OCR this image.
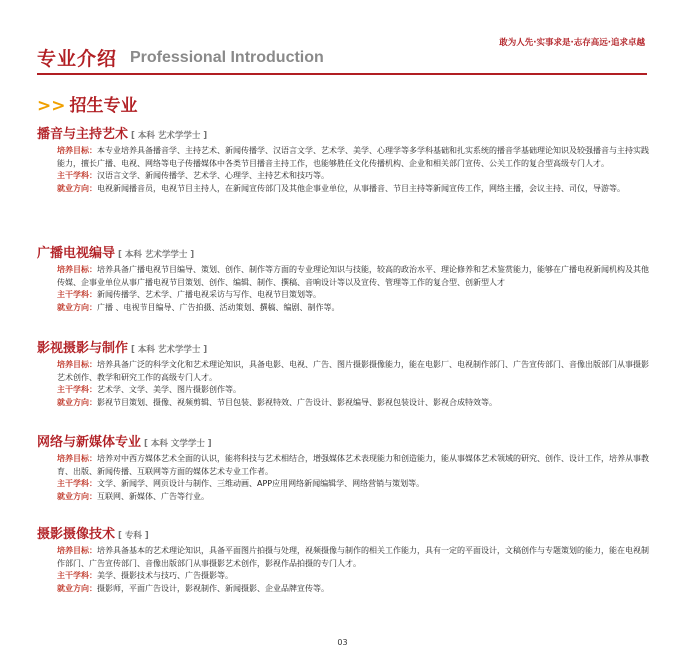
专业介绍 Professional Introduction
敢为人先·实事求是·志存高远·追求卓越
>> 招生专业
播音与主持艺术 [ 本科 艺术学学士 ]
培养目标：本专业培养具备播音学、主持艺术、新闻传播学、汉语言文学、艺术学、美学、心理学等多学科基础和扎实系统的播音学基础理论知识及较强播音与主持实践能力，擅长广播、电视、网络等电子传播媒体中各类节目播音主持工作，也能够胜任文化传播机构、企业和相关部门宣传、公关工作的复合型高级专门人才。
主干学科：汉语言文学、新闻传播学、艺术学、心理学、主持艺术和技巧等。
就业方向：电视新闻播音员，电视节目主持人，在新闻宣传部门及其他企事业单位，从事播音、节目主持等新闻宣传工作，网络主播，会议主持、司仪，导游等。
广播电视编导 [ 本科 艺术学学士 ]
培养目标：培养具备广播电视节目编导、策划、创作、制作等方面的专业理论知识与技能，较高的政治水平、理论修养和艺术鉴赏能力，能够在广播电视新闻机构及其他传媒、企事业单位从事广播电视节目策划、创作、编辑、制作、撰稿、音响设计等以及宣传、管理等工作的复合型、创新型人才
主干学科：新闻传播学、艺术学、广播电视采访与写作、电视节目策划等。
就业方向：广播 、电视节目编导、广告拍摄、活动策划、撰稿、编剧、制作等。
影视摄影与制作 [ 本科 艺术学学士 ]
培养目标：培养具备广泛的科学文化和艺术理论知识，具备电影、电视、广告、图片摄影摄像能力，能在电影厂、电视制作部门、广告宣传部门、音像出版部门从事摄影艺术创作、教学和研究工作的高级专门人才。
主干学科：艺术学、文学、美学、图片摄影创作等。
就业方向：影视节目策划、摄像、视频剪辑、节目包装、影视特效、广告设计、影视编导、影视包装设计、影视合成特效等。
网络与新媒体专业 [ 本科 文学学士 ]
培养目标：培养对中西方媒体艺术全面的认识，能将科技与艺术相结合，增强媒体艺术表现能力和创造能力，能从事媒体艺术领域的研究、创作、设计工作，培养从事教育、出版、新闻传播、互联网等方面的媒体艺术专业工作者。
主干学科：文学、新闻学、网页设计与制作、三维动画、APP应用网络新闻编辑学、网络营销与策划等。
就业方向：互联网、新媒体、广告等行业。
摄影摄像技术 [ 专科 ]
培养目标：培养具备基本的艺术理论知识，具备平面图片拍摄与处理，视频摄像与制作的相关工作能力，具有一定的平面设计，文稿创作与专题策划的能力，能在电视制作部门、广告宣传部门、音像出版部门从事摄影艺术创作，影视作品拍摄的专门人才。
主干学科：美学、摄影技术与技巧、广告摄影等。
就业方向：摄影师，平面广告设计，影视制作、新闻摄影、企业品牌宣传等。
03
